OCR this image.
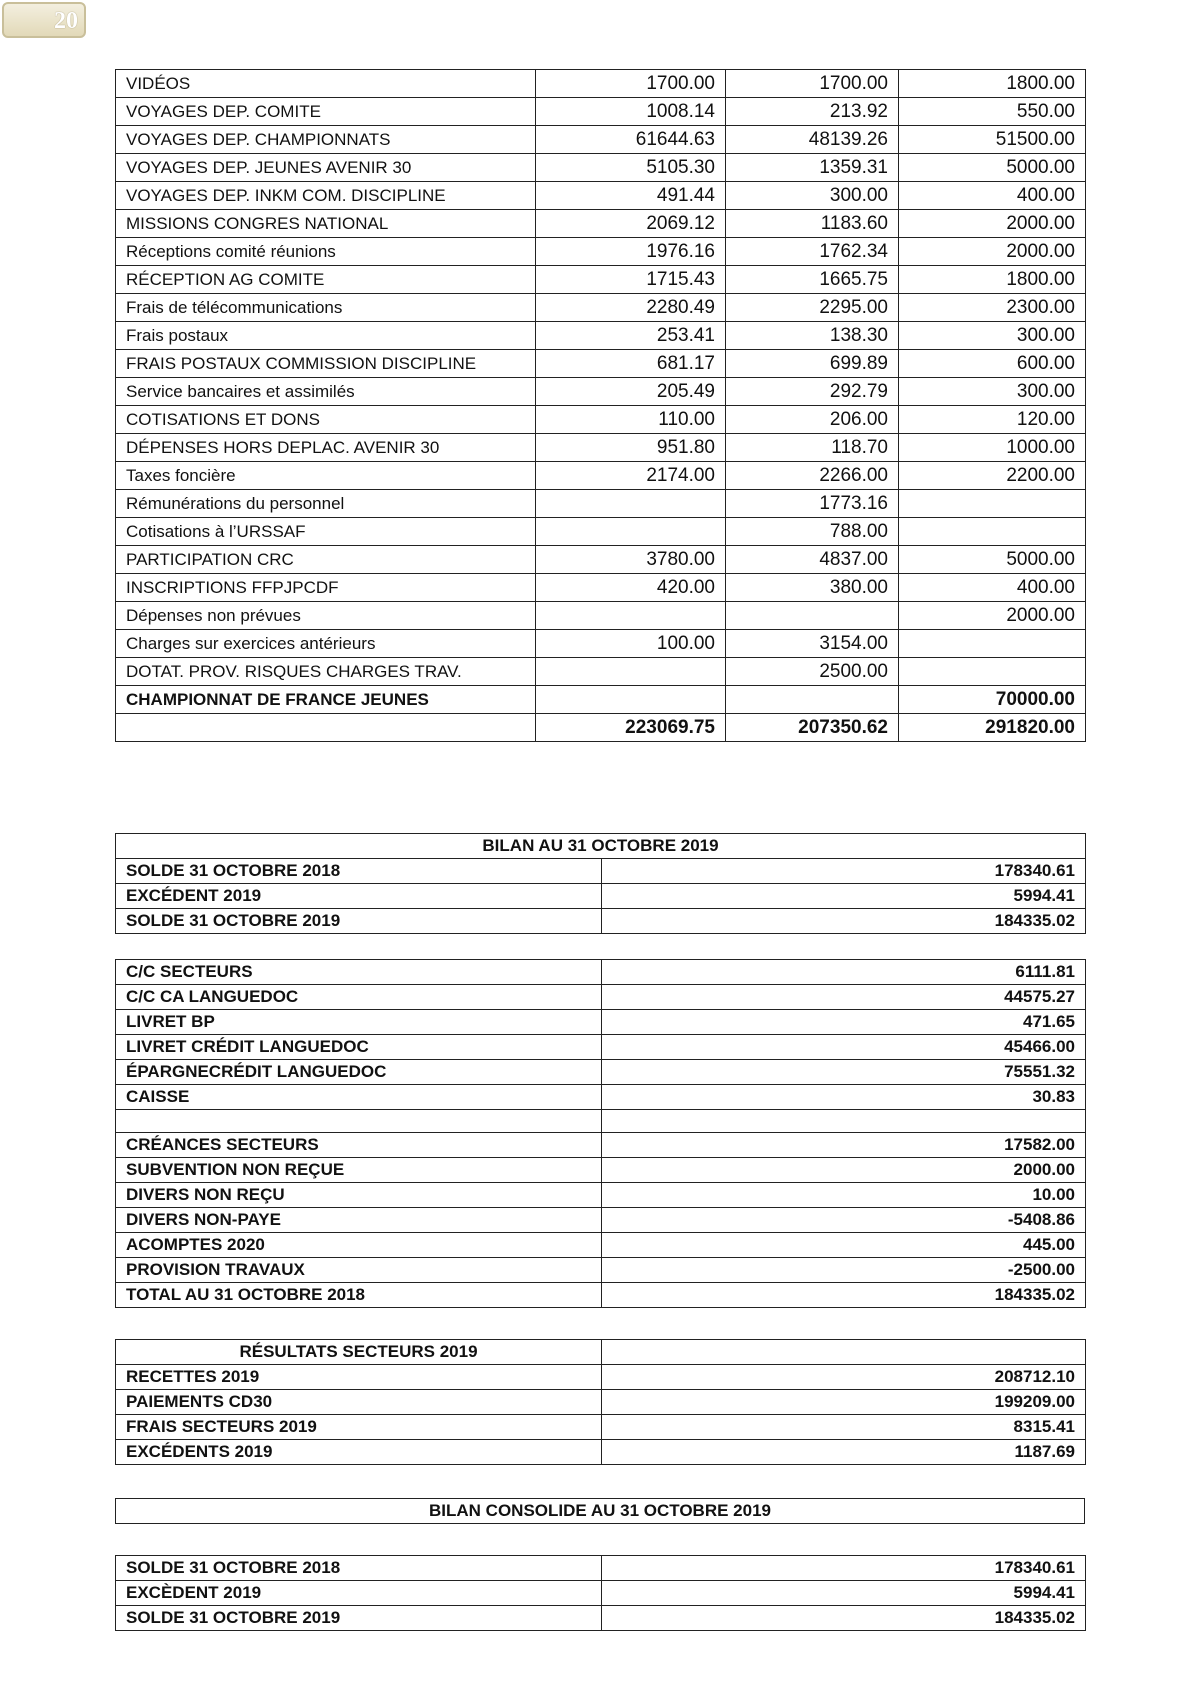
20
VIDÉOS	1700.00	1700.00	1800.00
VOYAGES DEP. COMITE	1008.14	213.92	550.00
VOYAGES DEP. CHAMPIONNATS	61644.63	48139.26	51500.00
VOYAGES DEP. JEUNES AVENIR 30	5105.30	1359.31	5000.00
VOYAGES DEP. INKM COM. DISCIPLINE	491.44	300.00	400.00
MISSIONS CONGRES NATIONAL	2069.12	1183.60	2000.00
Réceptions comité réunions	1976.16	1762.34	2000.00
RÉCEPTION AG COMITE	1715.43	1665.75	1800.00
Frais de télécommunications	2280.49	2295.00	2300.00
Frais postaux	253.41	138.30	300.00
FRAIS POSTAUX COMMISSION DISCIPLINE	681.17	699.89	600.00
Service bancaires et assimilés	205.49	292.79	300.00
COTISATIONS ET DONS	110.00	206.00	120.00
DÉPENSES HORS DEPLAC. AVENIR 30	951.80	118.70	1000.00
Taxes foncière	2174.00	2266.00	2200.00
Rémunérations du personnel		1773.16	
Cotisations à l’URSSAF		788.00	
PARTICIPATION CRC	3780.00	4837.00	5000.00
INSCRIPTIONS FFPJPCDF	420.00	380.00	400.00
Dépenses non prévues			2000.00
Charges sur exercices antérieurs	100.00	3154.00	
DOTAT. PROV. RISQUES CHARGES TRAV.		2500.00	
CHAMPIONNAT DE FRANCE JEUNES			70000.00
	223069.75	207350.62	291820.00
BILAN AU 31 OCTOBRE 2019	
SOLDE 31 OCTOBRE 2018	178340.61
EXCÉDENT 2019	5994.41
SOLDE 31 OCTOBRE 2019	184335.02
C/C SECTEURS	6111.81
C/C CA LANGUEDOC	44575.27
LIVRET BP	471.65
LIVRET CRÉDIT LANGUEDOC	45466.00
ÉPARGNECRÉDIT LANGUEDOC	75551.32
CAISSE	30.83

CRÉANCES SECTEURS	17582.00
SUBVENTION NON REÇUE	2000.00
DIVERS NON REÇU	10.00
DIVERS NON-PAYE	-5408.86
ACOMPTES 2020	445.00
PROVISION TRAVAUX	-2500.00
TOTAL AU 31 OCTOBRE 2018	184335.02
RÉSULTATS SECTEURS 2019	
RECETTES 2019	208712.10
PAIEMENTS CD30	199209.00
FRAIS SECTEURS 2019	8315.41
EXCÉDENTS 2019	1187.69
BILAN CONSOLIDE AU 31 OCTOBRE 2019
SOLDE 31 OCTOBRE 2018	178340.61
EXCÈDENT 2019	5994.41
SOLDE 31 OCTOBRE 2019	184335.02
